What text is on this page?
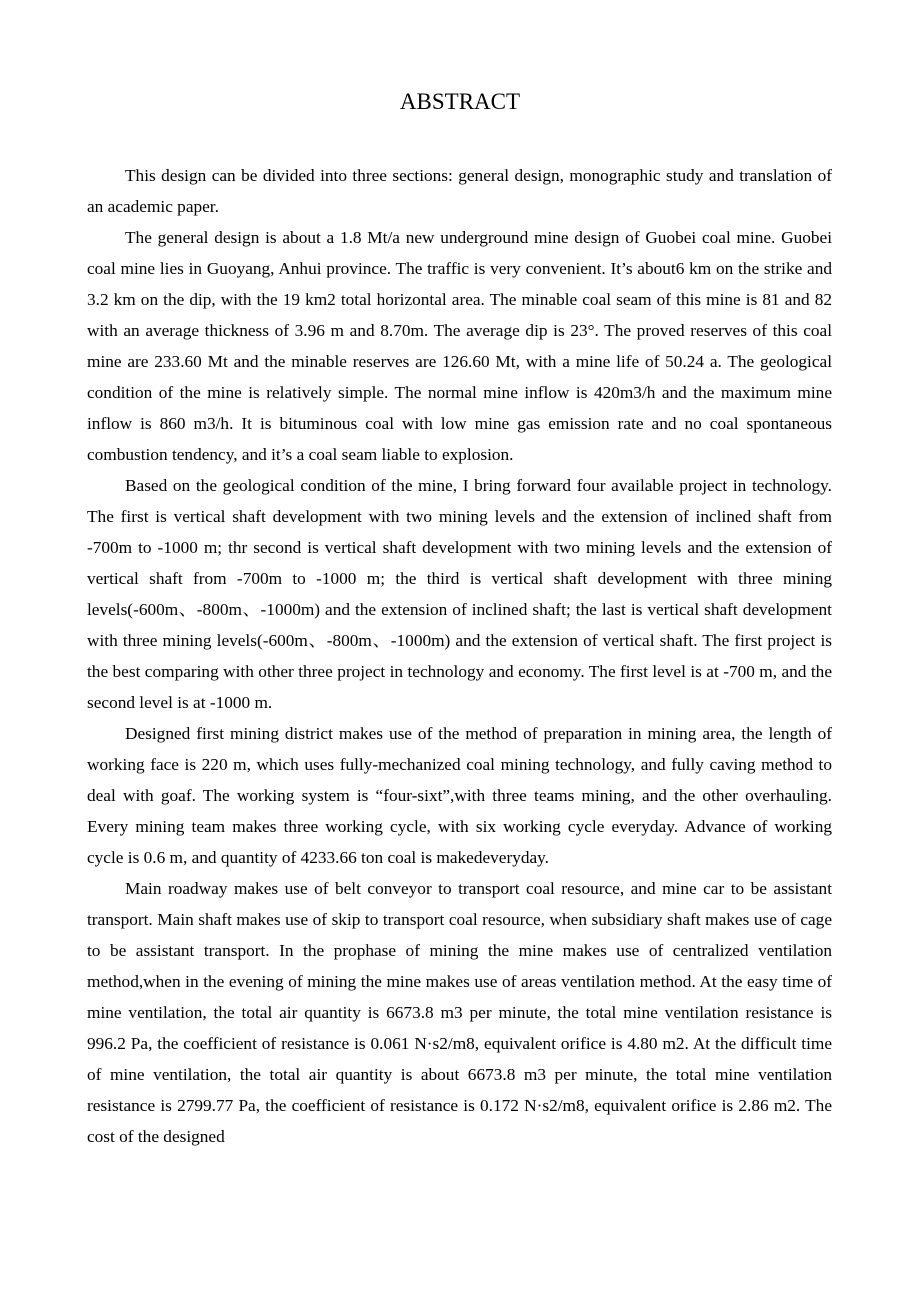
ABSTRACT

This design can be divided into three sections: general design, monographic study and translation of an academic paper.

The general design is about a 1.8 Mt/a new underground mine design of Guobei coal mine. Guobei coal mine lies in Guoyang, Anhui province. The traffic is very convenient. It’s about6 km on the strike and 3.2 km on the dip, with the 19 km2 total horizontal area. The minable coal seam of this mine is 81 and 82 with an average thickness of 3.96 m and 8.70m. The average dip is 23°. The proved reserves of this coal mine are 233.60 Mt and the minable reserves are 126.60 Mt, with a mine life of 50.24 a. The geological condition of the mine is relatively simple. The normal mine inflow is 420m3/h and the maximum mine inflow is 860 m3/h. It is bituminous coal with low mine gas emission rate and no coal spontaneous combustion tendency, and it’s a coal seam liable to explosion.

Based on the geological condition of the mine, I bring forward four available project in technology. The first is vertical shaft development with two mining levels and the extension of inclined shaft from -700m to -1000 m; thr second is vertical shaft development with two mining levels and the extension of vertical shaft from -700m to -1000 m; the third is vertical shaft development with three mining levels(-600m、-800m、-1000m) and the extension of inclined shaft; the last is vertical shaft development with three mining levels(-600m、-800m、-1000m) and the extension of vertical shaft. The first project is the best comparing with other three project in technology and economy. The first level is at -700 m, and the second level is at -1000 m.

Designed first mining district makes use of the method of preparation in mining area, the length of working face is 220 m, which uses fully-mechanized coal mining technology, and fully caving method to deal with goaf. The working system is “four-sixt”,with three teams mining, and the other overhauling. Every mining team makes three working cycle, with six working cycle everyday. Advance of working cycle is 0.6 m, and quantity of 4233.66 ton coal is makedeveryday.

Main roadway makes use of belt conveyor to transport coal resource, and mine car to be assistant transport. Main shaft makes use of skip to transport coal resource, when subsidiary shaft makes use of cage to be assistant transport. In the prophase of mining the mine makes use of centralized ventilation method,when in the evening of mining the mine makes use of areas ventilation method. At the easy time of mine ventilation, the total air quantity is 6673.8 m3 per minute, the total mine ventilation resistance is 996.2 Pa, the coefficient of resistance is 0.061 N·s2/m8, equivalent orifice is 4.80 m2. At the difficult time of mine ventilation, the total air quantity is about 6673.8 m3 per minute, the total mine ventilation resistance is 2799.77 Pa, the coefficient of resistance is 0.172 N·s2/m8, equivalent orifice is 2.86 m2. The cost of the designed
